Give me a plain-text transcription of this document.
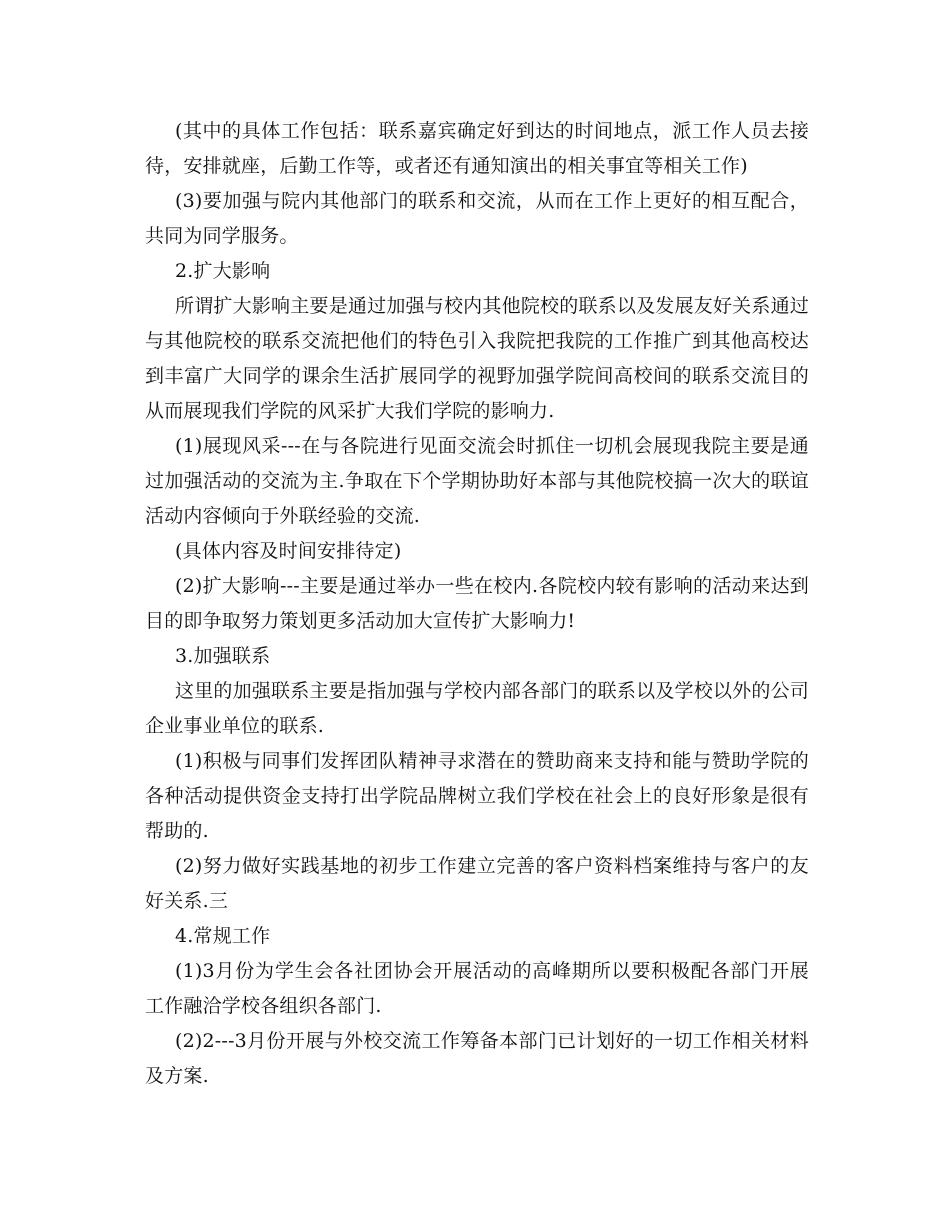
(其中的具体工作包括：联系嘉宾确定好到达的时间地点，派工作人员去接待，安排就座，后勤工作等，或者还有通知演出的相关事宜等相关工作)

(3)要加强与院内其他部门的联系和交流，从而在工作上更好的相互配合，共同为同学服务。

2.扩大影响

所谓扩大影响主要是通过加强与校内其他院校的联系以及发展友好关系通过与其他院校的联系交流把他们的特色引入我院把我院的工作推广到其他高校达到丰富广大同学的课余生活扩展同学的视野加强学院间高校间的联系交流目的从而展现我们学院的风采扩大我们学院的影响力.

(1)展现风采---在与各院进行见面交流会时抓住一切机会展现我院主要是通过加强活动的交流为主.争取在下个学期协助好本部与其他院校搞一次大的联谊活动内容倾向于外联经验的交流.

(具体内容及时间安排待定)

(2)扩大影响---主要是通过举办一些在校内.各院校内较有影响的活动来达到目的即争取努力策划更多活动加大宣传扩大影响力!

3.加强联系

这里的加强联系主要是指加强与学校内部各部门的联系以及学校以外的公司企业事业单位的联系.

(1)积极与同事们发挥团队精神寻求潜在的赞助商来支持和能与赞助学院的各种活动提供资金支持打出学院品牌树立我们学校在社会上的良好形象是很有帮助的.

(2)努力做好实践基地的初步工作建立完善的客户资料档案维持与客户的友好关系.三

4.常规工作

(1)3月份为学生会各社团协会开展活动的高峰期所以要积极配各部门开展工作融洽学校各组织各部门.

(2)2---3月份开展与外校交流工作筹备本部门已计划好的一切工作相关材料及方案.
